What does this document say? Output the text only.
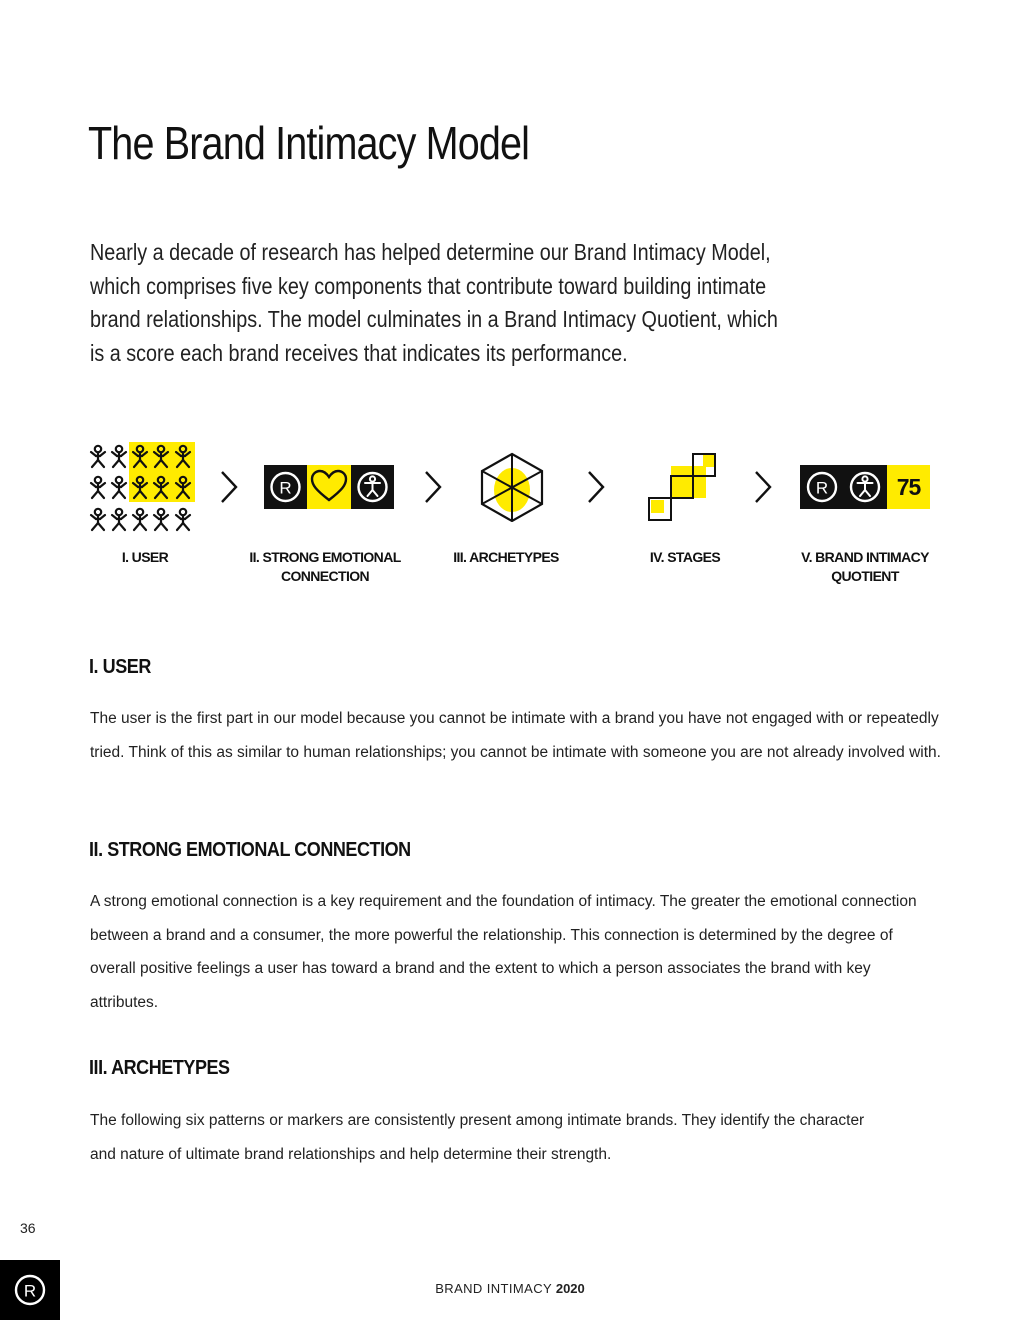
The Brand Intimacy Model

Nearly a decade of research has helped determine our Brand Intimacy Model, which comprises five key components that contribute toward building intimate brand relationships. The model culminates in a Brand Intimacy Quotient, which is a score each brand receives that indicates its performance.

R	R	75
I. USER	II. STRONG EMOTIONAL CONNECTION
III. ARCHETYPES	IV. STAGES	V. BRAND INTIMACY QUOTIENT
I. USER

The user is the first part in our model because you cannot be intimate with a brand you have not engaged with or repeatedly tried. Think of this as similar to human relationships; you cannot be intimate with someone you are not already involved with.

II. STRONG EMOTIONAL CONNECTION

A strong emotional connection is a key requirement and the foundation of intimacy. The greater the emotional connection between a brand and a consumer, the more powerful the relationship. This connection is determined by the degree of overall positive feelings a user has toward a brand and the extent to which a person associates the brand with key attributes.

III. ARCHETYPES

The following six patterns or markers are consistently present among intimate brands. They identify the character and nature of ultimate brand relationships and help determine their strength.

36
R	BRAND INTIMACY 2020
